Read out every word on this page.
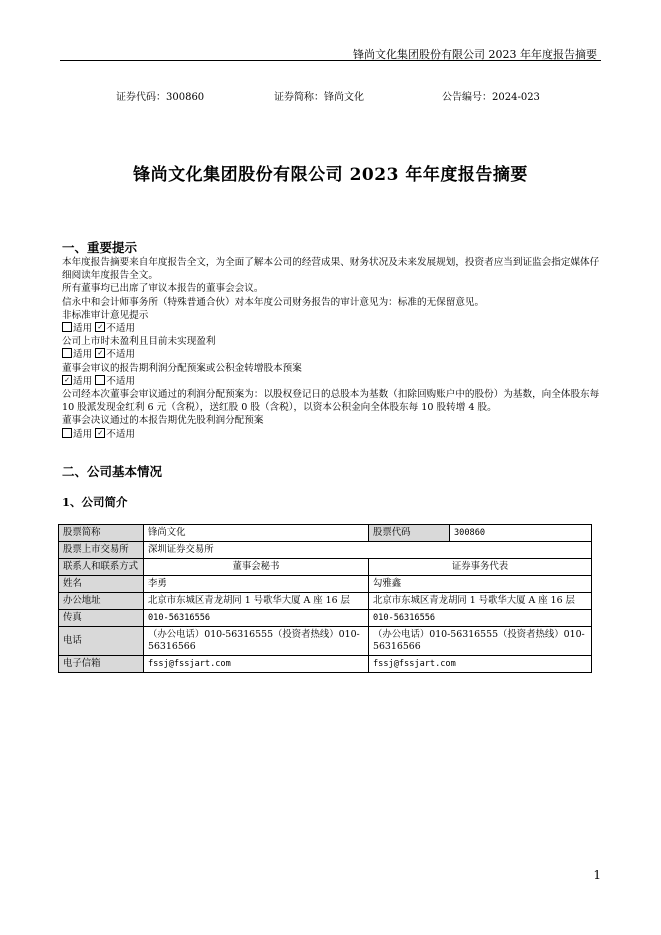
锋尚文化集团股份有限公司 2023 年年度报告摘要
证券代码：300860	证券简称：锋尚文化	公告编号：2024-023
锋尚文化集团股份有限公司 2023 年年度报告摘要
一、重要提示

本年度报告摘要来自年度报告全文，为全面了解本公司的经营成果、财务状况及未来发展规划，投资者应当到证监会指定媒体仔细阅读年度报告全文。

所有董事均已出席了审议本报告的董事会会议。

信永中和会计师事务所（特殊普通合伙）对本年度公司财务报告的审计意见为：标准的无保留意见。

非标准审计意见提示

适用 ✓ 不适用

公司上市时未盈利且目前未实现盈利

适用 ✓ 不适用

董事会审议的报告期利润分配预案或公积金转增股本预案

✓适用 不适用

公司经本次董事会审议通过的利润分配预案为：以股权登记日的总股本为基数（扣除回购账户中的股份）为基数，向全体股东每 10 股派发现金红利 6 元（含税），送红股 0 股（含税），以资本公积金向全体股东每 10 股转增 4 股。

董事会决议通过的本报告期优先股利润分配预案

适用 ✓ 不适用

二、公司基本情况
1、公司简介
股票简称	锋尚文化	股票代码	300860
股票上市交易所	深圳证券交易所		
联系人和联系方式	董事会秘书	证券事务代表	
姓名	李勇	勾雅鑫	
办公地址	北京市东城区青龙胡同 1 号歌华大厦 A 座 16 层	北京市东城区青龙胡同 1 号歌华大厦 A 座 16 层	
传真	010-56316556	010-56316556	
电话	（办公电话）010-56316555（投资者热线）010-56316566	（办公电话）010-56316555（投资者热线）010-56316566	
电子信箱	fssj@fssjart.com	fssj@fssjart.com	
1
